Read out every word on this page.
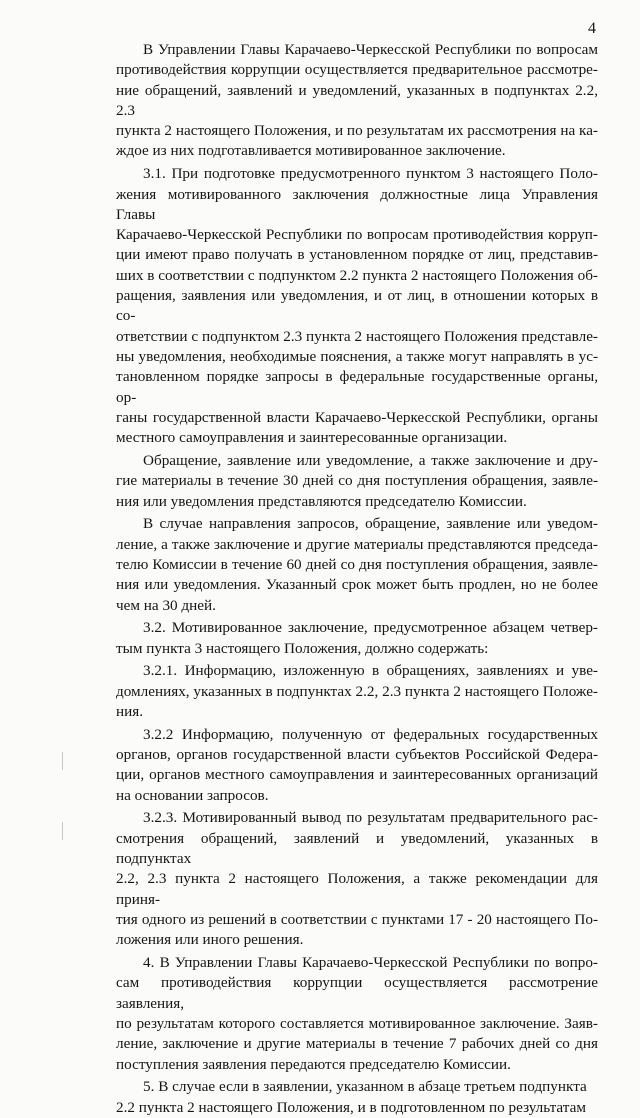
4

В Управлении Главы Карачаево-Черкесской Республики по вопросам
противодействия коррупции осуществляется предварительное рассмотре-
ние обращений, заявлений и уведомлений, указанных в подпунктах 2.2, 2.3
пункта 2 настоящего Положения, и по результатам их рассмотрения на ка-
ждое из них подготавливается мотивированное заключение.

3.1. При подготовке предусмотренного пунктом 3 настоящего Поло-
жения мотивированного заключения должностные лица Управления Главы
Карачаево-Черкесской Республики по вопросам противодействия корруп-
ции имеют право получать в установленном порядке от лиц, представив-
ших в соответствии с подпунктом 2.2 пункта 2 настоящего Положения об-
ращения, заявления или уведомления, и от лиц, в отношении которых в со-
ответствии с подпунктом 2.3 пункта 2 настоящего Положения представле-
ны уведомления, необходимые пояснения, а также могут направлять в ус-
тановленном порядке запросы в федеральные государственные органы, ор-
ганы государственной власти Карачаево-Черкесской Республики, органы
местного самоуправления и заинтересованные организации.

Обращение, заявление или уведомление, а также заключение и дру-
гие материалы в течение 30 дней со дня поступления обращения, заявле-
ния или уведомления представляются председателю Комиссии.

В случае направления запросов, обращение, заявление или уведом-
ление, а также заключение и другие материалы представляются председа-
телю Комиссии в течение 60 дней со дня поступления обращения, заявле-
ния или уведомления. Указанный срок может быть продлен, но не более
чем на 30 дней.

3.2. Мотивированное заключение, предусмотренное абзацем четвер-
тым пункта 3 настоящего Положения, должно содержать:

3.2.1. Информацию, изложенную в обращениях, заявлениях и уве-
домлениях, указанных в подпунктах 2.2, 2.3 пункта 2 настоящего Положе-
ния.

3.2.2 Информацию, полученную от федеральных государственных
органов, органов государственной власти субъектов Российской Федера-
ции, органов местного самоуправления и заинтересованных организаций
на основании запросов.

3.2.3. Мотивированный вывод по результатам предварительного рас-
смотрения обращений, заявлений и уведомлений, указанных в подпунктах
2.2, 2.3 пункта 2 настоящего Положения, а также рекомендации для приня-
тия одного из решений в соответствии с пунктами 17 - 20 настоящего По-
ложения или иного решения.

4. В Управлении Главы Карачаево-Черкесской Республики по вопро-
сам противодействия коррупции осуществляется рассмотрение заявления,
по результатам которого составляется мотивированное заключение. Заяв-
ление, заключение и другие материалы в течение 7 рабочих дней со дня
поступления заявления передаются председателю Комиссии.

5. В случае если в заявлении, указанном в абзаце третьем подпункта
2.2 пункта 2 настоящего Положения, и в подготовленном по результатам
